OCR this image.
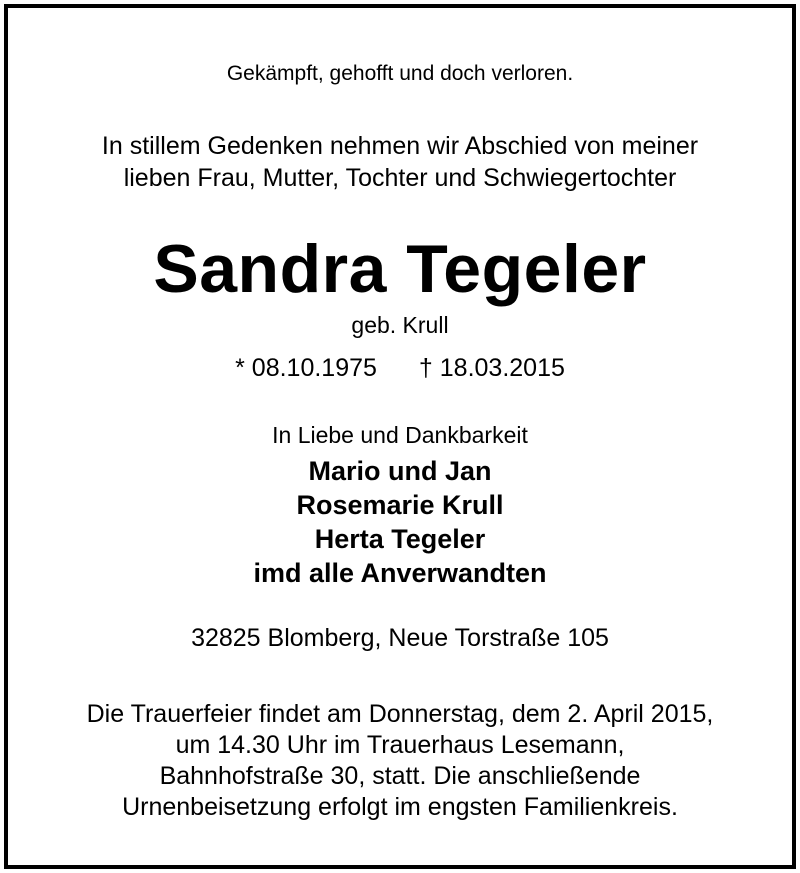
Gekämpft, gehofft und doch verloren.
In stillem Gedenken nehmen wir Abschied von meiner
lieben Frau, Mutter, Tochter und Schwiegertochter
Sandra Tegeler
geb. Krull
* 08.10.1975 † 18.03.2015
In Liebe und Dankbarkeit
Mario und Jan
Rosemarie Krull
Herta Tegeler
imd alle Anverwandten
32825 Blomberg, Neue Torstraße 105
Die Trauerfeier findet am Donnerstag, dem 2. April 2015,
um 14.30 Uhr im Trauerhaus Lesemann,
Bahnhofstraße 30, statt. Die anschließende
Urnenbeisetzung erfolgt im engsten Familienkreis.
